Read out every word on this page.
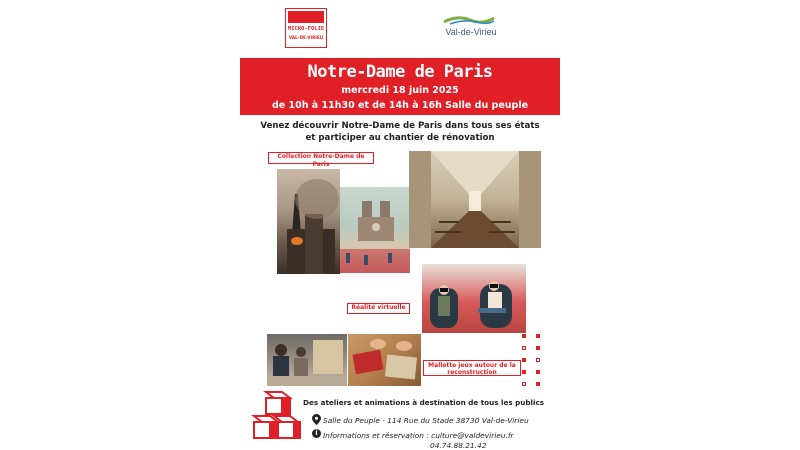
MICRO-FOLIE
VAL-DE-VIRIEU
Val-de-Virieu
Notre-Dame de Paris
mercredi 18 juin 2025
de 10h à 11h30 et de 14h à 16h Salle du peuple
Venez découvrir Notre-Dame de Paris dans tous ses états
et participer au chantier de rénovation
Collection Notre-Dame de Paris
Réalité virtuelle
Mallette jeux autour de la
reconstruction
Des ateliers et animations à destination de tous les publics
Salle du Peuple - 114 Rue du Stade 38730 Val-de-Virieu
i Informations et réservation : culture@valdevirieu.fr
04.74.88.21.42
